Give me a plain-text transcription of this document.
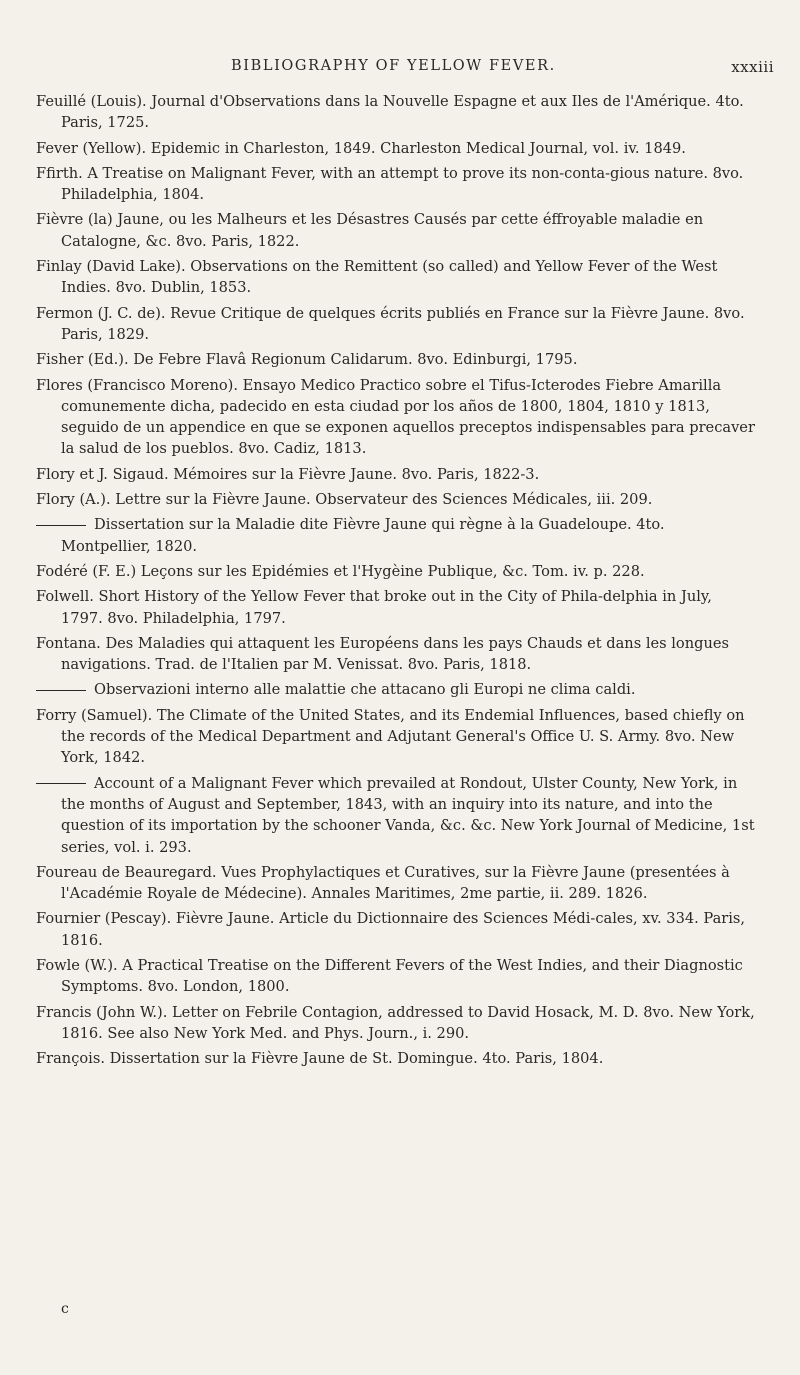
BIBLIOGRAPHY OF YELLOW FEVER.	xxxiii

Feuillé (Louis). Journal d'Observations dans la Nouvelle Espagne et aux Iles de l'Amérique. 4to. Paris, 1725.

Fever (Yellow). Epidemic in Charleston, 1849. Charleston Medical Journal, vol. iv. 1849.

Ffirth. A Treatise on Malignant Fever, with an attempt to prove its non-conta-gious nature. 8vo. Philadelphia, 1804.

Fièvre (la) Jaune, ou les Malheurs et les Désastres Causés par cette éffroyable maladie en Catalogne, &c. 8vo. Paris, 1822.

Finlay (David Lake). Observations on the Remittent (so called) and Yellow Fever of the West Indies. 8vo. Dublin, 1853.

Fermon (J. C. de). Revue Critique de quelques écrits publiés en France sur la Fièvre Jaune. 8vo. Paris, 1829.

Fisher (Ed.). De Febre Flavâ Regionum Calidarum. 8vo. Edinburgi, 1795.

Flores (Francisco Moreno). Ensayo Medico Practico sobre el Tifus-Icterodes Fiebre Amarilla comunemente dicha, padecido en esta ciudad por los años de 1800, 1804, 1810 y 1813, seguido de un appendice en que se exponen aquellos preceptos indispensables para precaver la salud de los pueblos. 8vo. Cadiz, 1813.

Flory et J. Sigaud. Mémoires sur la Fièvre Jaune. 8vo. Paris, 1822-3.

Flory (A.). Lettre sur la Fièvre Jaune. Observateur des Sciences Médicales, iii. 209.

Dissertation sur la Maladie dite Fièvre Jaune qui règne à la Guadeloupe. 4to. Montpellier, 1820.

Fodéré (F. E.) Leçons sur les Epidémies et l'Hygèine Publique, &c. Tom. iv. p. 228.

Folwell. Short History of the Yellow Fever that broke out in the City of Phila-delphia in July, 1797. 8vo. Philadelphia, 1797.

Fontana. Des Maladies qui attaquent les Européens dans les pays Chauds et dans les longues navigations. Trad. de l'Italien par M. Venissat. 8vo. Paris, 1818.

Observazioni interno alle malattie che attacano gli Europi ne clima caldi.

Forry (Samuel). The Climate of the United States, and its Endemial Influences, based chiefly on the records of the Medical Department and Adjutant General's Office U. S. Army. 8vo. New York, 1842.

Account of a Malignant Fever which prevailed at Rondout, Ulster County, New York, in the months of August and September, 1843, with an inquiry into its nature, and into the question of its importation by the schooner Vanda, &c. &c. New York Journal of Medicine, 1st series, vol. i. 293.

Foureau de Beauregard. Vues Prophylactiques et Curatives, sur la Fièvre Jaune (presentées à l'Académie Royale de Médecine). Annales Maritimes, 2me partie, ii. 289. 1826.

Fournier (Pescay). Fièvre Jaune. Article du Dictionnaire des Sciences Médi-cales, xv. 334. Paris, 1816.

Fowle (W.). A Practical Treatise on the Different Fevers of the West Indies, and their Diagnostic Symptoms. 8vo. London, 1800.

Francis (John W.). Letter on Febrile Contagion, addressed to David Hosack, M. D. 8vo. New York, 1816. See also New York Med. and Phys. Journ., i. 290.

François. Dissertation sur la Fièvre Jaune de St. Domingue. 4to. Paris, 1804.

c
